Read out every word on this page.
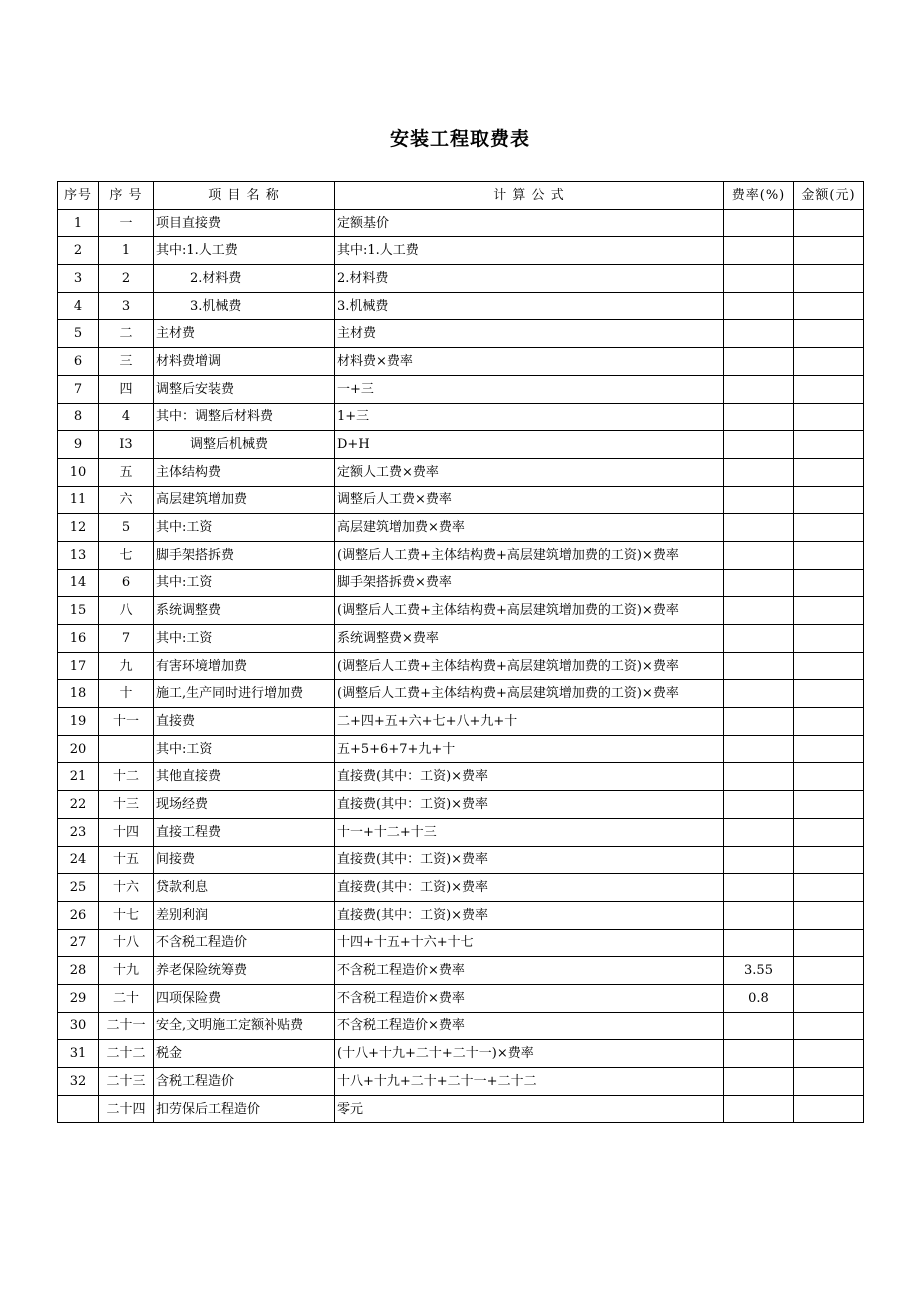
安装工程取费表
序号	序 号	项 目 名 称	计 算 公 式	费率(%)	金额(元)
1	一	项目直接费	定额基价		
2	1	其中:1.人工费	其中:1.人工费		
3	2	2.材料费	2.材料费		
4	3	3.机械费	3.机械费		
5	二	主材费	主材费		
6	三	材料费增调	材料费×费率		
7	四	调整后安装费	一+三		
8	4	其中：调整后材料费	1+三		
9	I3	调整后机械费	D+H		
10	五	主体结构费	定额人工费×费率		
11	六	高层建筑增加费	调整后人工费×费率		
12	5	其中:工资	高层建筑增加费×费率		
13	七	脚手架搭拆费	(调整后人工费+主体结构费+高层建筑增加费的工资)×费率		
14	6	其中:工资	脚手架搭拆费×费率		
15	八	系统调整费	(调整后人工费+主体结构费+高层建筑增加费的工资)×费率		
16	7	其中:工资	系统调整费×费率		
17	九	有害环境增加费	(调整后人工费+主体结构费+高层建筑增加费的工资)×费率		
18	十	施工,生产同时进行增加费	(调整后人工费+主体结构费+高层建筑增加费的工资)×费率		
19	十一	直接费	二+四+五+六+七+八+九+十		
20		其中:工资	五+5+6+7+九+十		
21	十二	其他直接费	直接费(其中：工资)×费率		
22	十三	现场经费	直接费(其中：工资)×费率		
23	十四	直接工程费	十一+十二+十三		
24	十五	间接费	直接费(其中：工资)×费率		
25	十六	贷款利息	直接费(其中：工资)×费率		
26	十七	差别利润	直接费(其中：工资)×费率		
27	十八	不含税工程造价	十四+十五+十六+十七		
28	十九	养老保险统筹费	不含税工程造价×费率	3.55	
29	二十	四项保险费	不含税工程造价×费率	0.8	
30	二十一	安全,文明施工定额补贴费	不含税工程造价×费率		
31	二十二	税金	(十八+十九+二十+二十一)×费率		
32	二十三	含税工程造价	十八+十九+二十+二十一+二十二		
	二十四	扣劳保后工程造价	零元		
